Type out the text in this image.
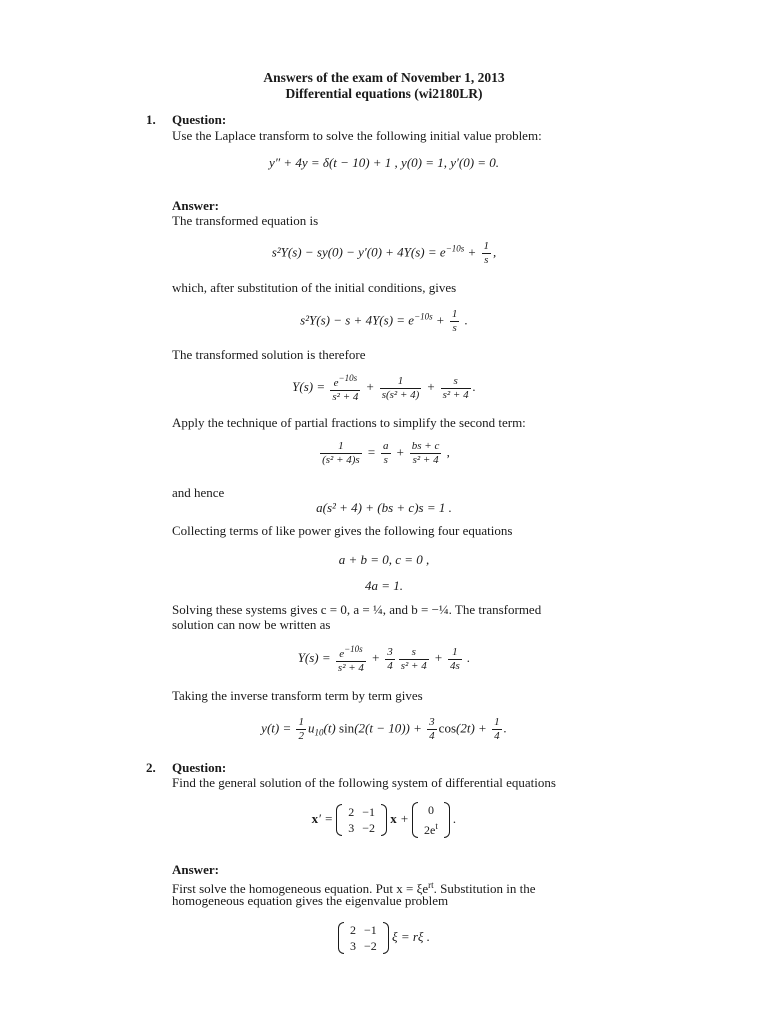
Answers of the exam of November 1, 2013
Differential equations (wi2180LR)
1. Question:
Use the Laplace transform to solve the following initial value problem:
y″ + 4y = δ(t − 10) + 1 , y(0) = 1, y′(0) = 0.
Answer:
The transformed equation is
$s^2Y(s) - sy(0) - y'(0) + 4Y(s) = e^{-10s} + \frac{1}{s}$ ,
which, after substitution of the initial conditions, gives
$s^2Y(s) - s + 4Y(s) = e^{-10s} + \frac{1}{s}$ .
The transformed solution is therefore
$Y(s) = \frac{e^{-10s}}{\text{s² + 4}} + \frac{1}{\text{s(s² + 4)}} + \frac{s}{\text{s² + 4}}$ .
Apply the technique of partial fractions to simplify the second term:
$\frac{1}{\text{(s² + 4)s}} = \frac{a}{s} + \frac{bs + c}{\text{s² + 4}}$ ,
and hence
a(s² + 4) + (bs + c)s = 1 .
Collecting terms of like power gives the following four equations
a + b = 0, c = 0 ,
4a = 1.
Solving these systems gives c = 0, a = ¼, and b = −¼. The transformed
solution can now be written as
$Y(s) = \frac{e^{-10s}}{\text{s² + 4}} + \frac{3}{4} \frac{s}{\text{s² + 4}} + \frac{1}{4s}$ .
Taking the inverse transform term by term gives
$y(t) = \frac{1}{2} u_{10}(t) \sin(2(t - 10)) + \frac{3}{4} \cos(2t) + \frac{1}{4}$ .
2. Question:
Find the general solution of the following system of differential equations
x′ = 2	−1
3	−2
x +
0
$2e^t$
.
Answer:
First solve the homogeneous equation. Put $x = \xi e^{rt}$. Substitution in the
homogeneous equation gives the eigenvalue problem
2	−1
3	−2
ξ = rξ .
